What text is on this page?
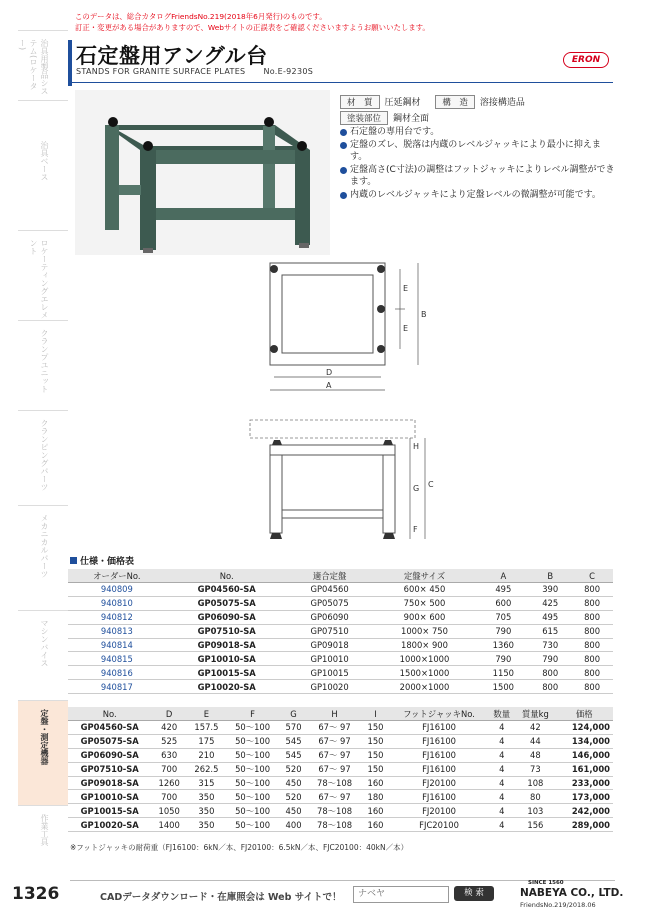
このデータは、総合カタログFriendsNo.219(2018年6月発行)のものです。
訂正・変更がある場合がありますので、Webサイトの正誤表をご確認くださいますようお願いいたします。
治具用製品システム(ロケーター)
治具ベース
ロケーティングエレメント
クランプユニット
クランピングパーツ
メカニカルパーツ
マシンバイス
定盤・測定機器
作業工具
石定盤用アングル台
STANDS FOR GRANITE SURFACE PLATES No.E-9230S
ERON
材　質 圧延鋼材	構　造 溶接構造品
塗装部位 鋼材全面
石定盤の専用台です。
定盤のズレ、脱落は内蔵のレベルジャッキにより最小に抑えます。
定盤高さ(C寸法)の調整はフットジャッキによりレベル調整ができます。
内蔵のレベルジャッキにより定盤レベルの微調整が可能です。
D
A
E
E
B
H
G
F
C
仕様・価格表
オーダーNo.	No.	適合定盤	定盤サイズ	A	B	C
940809	GP04560-SA	GP04560	600× 450	495	390	800
940810	GP05075-SA	GP05075	750× 500	600	425	800
940812	GP06090-SA	GP06090	900× 600	705	495	800
940813	GP07510-SA	GP07510	1000× 750	790	615	800
940814	GP09018-SA	GP09018	1800× 900	1360	730	800
940815	GP10010-SA	GP10010	1000×1000	790	790	800
940816	GP10015-SA	GP10015	1500×1000	1150	800	800
940817	GP10020-SA	GP10020	2000×1000	1500	800	800
No.	D	E	F	G	H	I	フットジャッキNo.	数量	質量kg	価格
GP04560-SA	420	157.5	50～100	570	67～ 97	150	FJ16100	4	42	124,000
GP05075-SA	525	175	50～100	545	67～ 97	150	FJ16100	4	44	134,000
GP06090-SA	630	210	50～100	545	67～ 97	150	FJ16100	4	48	146,000
GP07510-SA	700	262.5	50～100	520	67～ 97	150	FJ16100	4	73	161,000
GP09018-SA	1260	315	50～100	450	78～108	160	FJ20100	4	108	233,000
GP10010-SA	700	350	50～100	520	67～ 97	180	FJ16100	4	80	173,000
GP10015-SA	1050	350	50～100	450	78～108	160	FJ20100	4	103	242,000
GP10020-SA	1400	350	50～100	400	78～108	160	FJC20100	4	156	289,000
※フットジャッキの耐荷重（FJ16100：6kN／本、FJ20100：6.5kN／本、FJC20100：40kN／本）
1326	CADデータダウンロード・在庫照会は Web サイトで！	ナベヤ	検 索
SINCE 1560
NABEYA CO., LTD.
FriendsNo.219/2018.06
